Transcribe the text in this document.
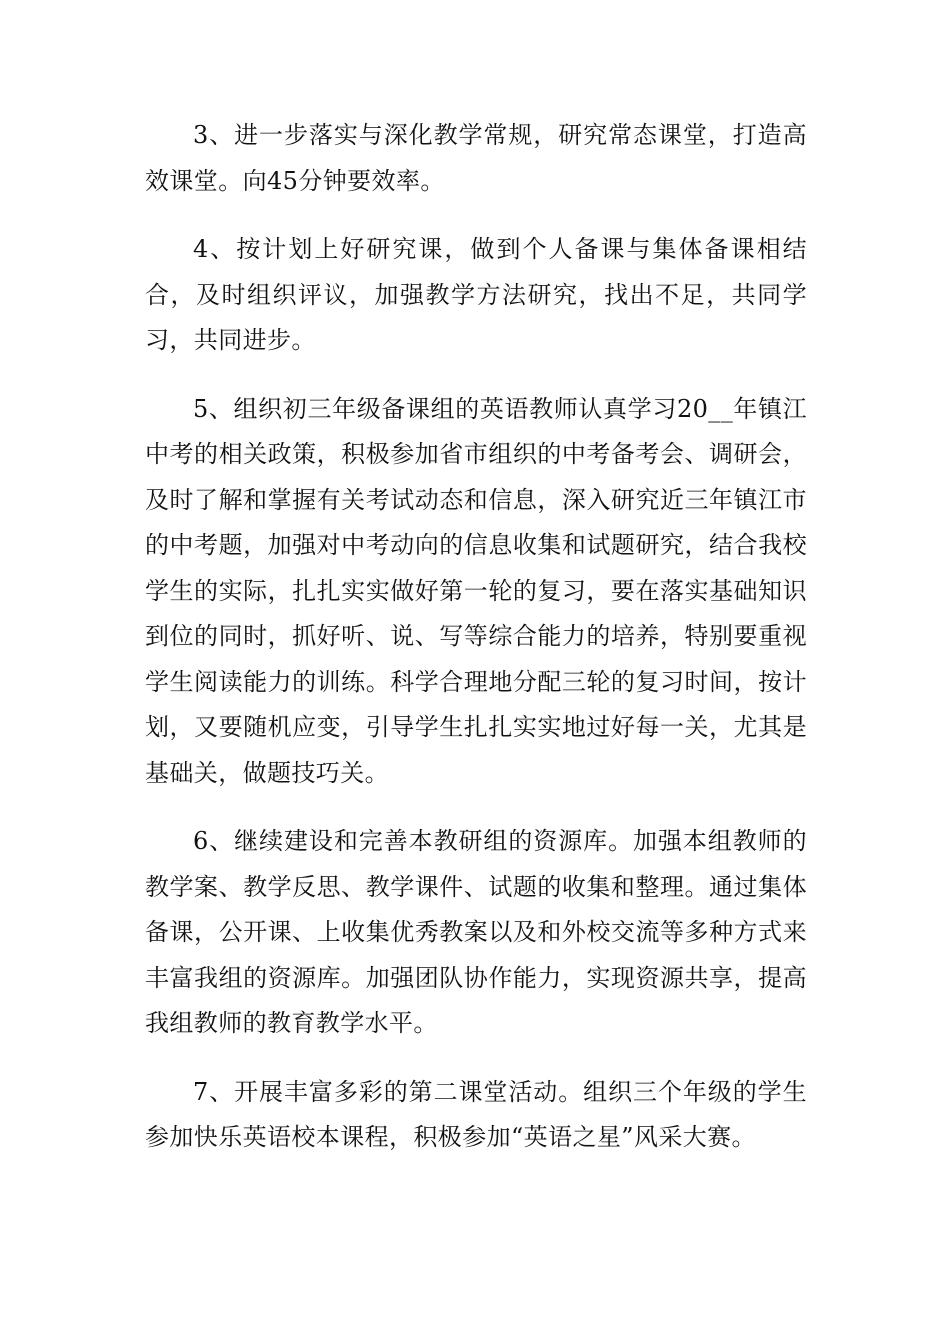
3、进一步落实与深化教学常规，研究常态课堂，打造高效课堂。向45分钟要效率。

4、按计划上好研究课，做到个人备课与集体备课相结合，及时组织评议，加强教学方法研究，找出不足，共同学习，共同进步。

5、组织初三年级备课组的英语教师认真学习20__年镇江中考的相关政策，积极参加省市组织的中考备考会、调研会，及时了解和掌握有关考试动态和信息，深入研究近三年镇江市的中考题，加强对中考动向的信息收集和试题研究，结合我校学生的实际，扎扎实实做好第一轮的复习，要在落实基础知识到位的同时，抓好听、说、写等综合能力的培养，特别要重视学生阅读能力的训练。科学合理地分配三轮的复习时间，按计划，又要随机应变，引导学生扎扎实实地过好每一关，尤其是基础关，做题技巧关。

6、继续建设和完善本教研组的资源库。加强本组教师的教学案、教学反思、教学课件、试题的收集和整理。通过集体备课，公开课、上收集优秀教案以及和外校交流等多种方式来丰富我组的资源库。加强团队协作能力，实现资源共享，提高我组教师的教育教学水平。

7、开展丰富多彩的第二课堂活动。组织三个年级的学生参加快乐英语校本课程，积极参加“英语之星”风采大赛。
